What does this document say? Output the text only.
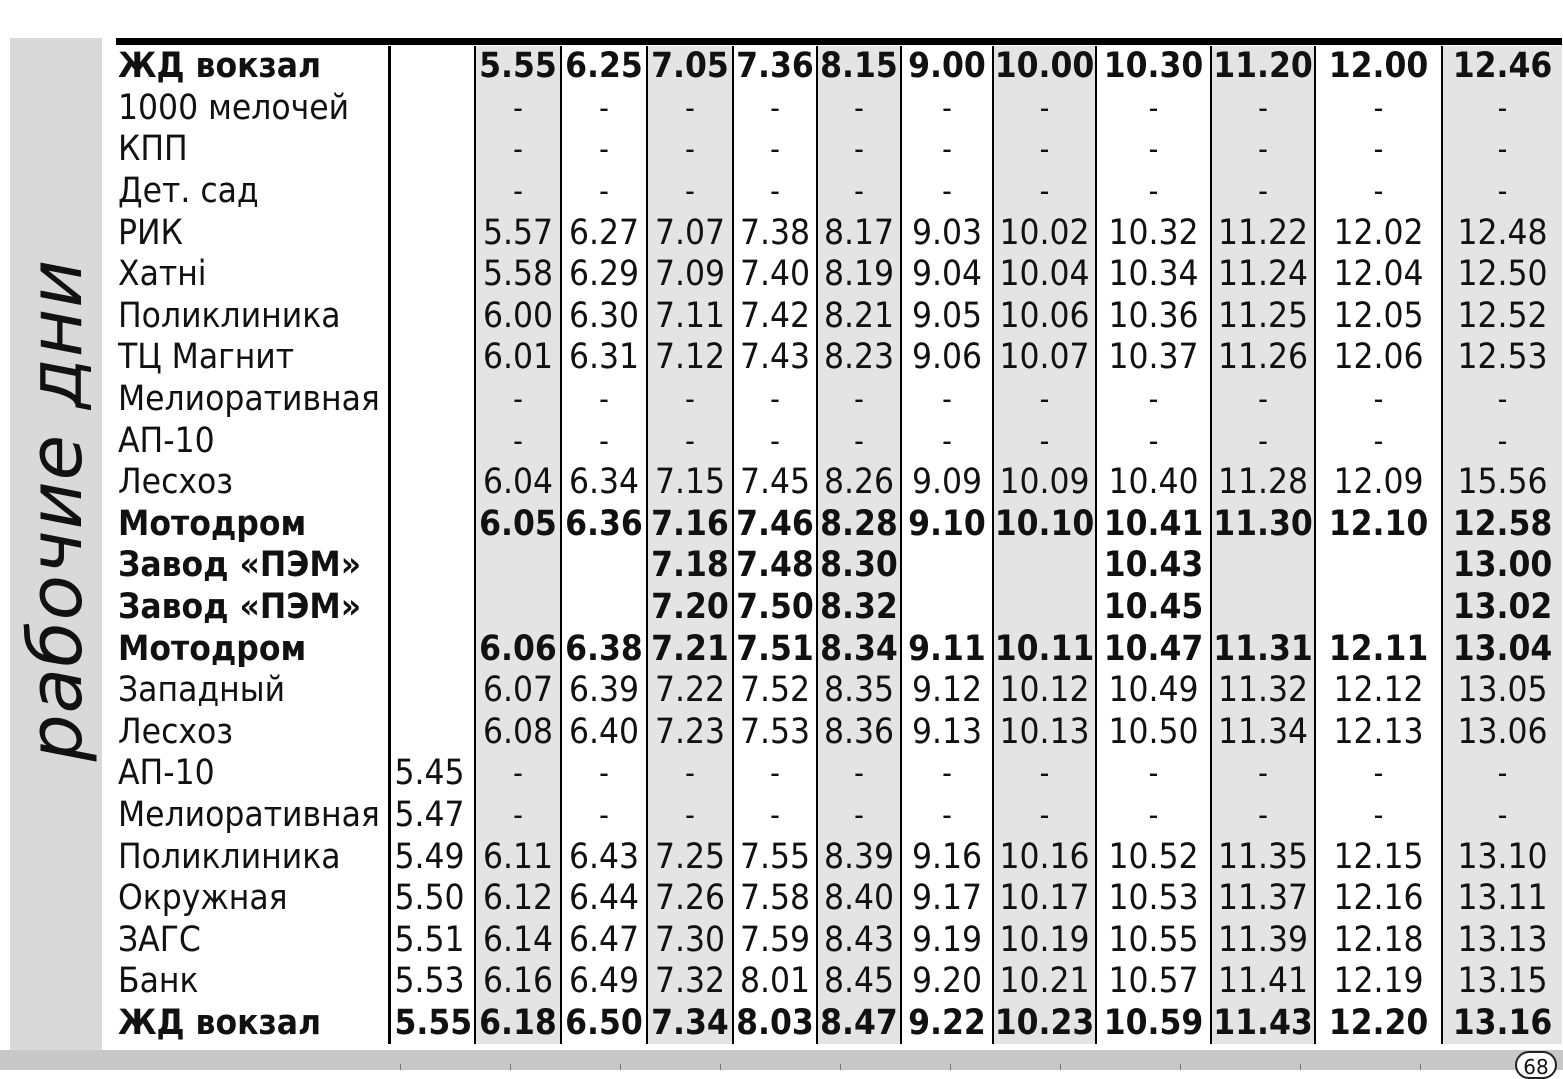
рабочие дни
ЖД вокзал		5.55	6.25	7.05	7.36	8.15	9.00	10.00	10.30	11.20	12.00	12.46
1000 мелочей		-	-	-	-	-	-	-	-	-	-	-
КПП		-	-	-	-	-	-	-	-	-	-	-
Дет. сад		-	-	-	-	-	-	-	-	-	-	-
РИК		5.57	6.27	7.07	7.38	8.17	9.03	10.02	10.32	11.22	12.02	12.48
Хатні		5.58	6.29	7.09	7.40	8.19	9.04	10.04	10.34	11.24	12.04	12.50
Поликлиника		6.00	6.30	7.11	7.42	8.21	9.05	10.06	10.36	11.25	12.05	12.52
ТЦ Магнит		6.01	6.31	7.12	7.43	8.23	9.06	10.07	10.37	11.26	12.06	12.53
Мелиоративная		-	-	-	-	-	-	-	-	-	-	-
АП-10		-	-	-	-	-	-	-	-	-	-	-
Лесхоз		6.04	6.34	7.15	7.45	8.26	9.09	10.09	10.40	11.28	12.09	15.56
Мотодром		6.05	6.36	7.16	7.46	8.28	9.10	10.10	10.41	11.30	12.10	12.58
Завод «ПЭМ»				7.18	7.48	8.30			10.43			13.00
Завод «ПЭМ»				7.20	7.50	8.32			10.45			13.02
Мотодром		6.06	6.38	7.21	7.51	8.34	9.11	10.11	10.47	11.31	12.11	13.04
Западный		6.07	6.39	7.22	7.52	8.35	9.12	10.12	10.49	11.32	12.12	13.05
Лесхоз		6.08	6.40	7.23	7.53	8.36	9.13	10.13	10.50	11.34	12.13	13.06
АП-10	5.45	-	-	-	-	-	-	-	-	-	-	-
Мелиоративная	5.47	-	-	-	-	-	-	-	-	-	-	-
Поликлиника	5.49	6.11	6.43	7.25	7.55	8.39	9.16	10.16	10.52	11.35	12.15	13.10
Окружная	5.50	6.12	6.44	7.26	7.58	8.40	9.17	10.17	10.53	11.37	12.16	13.11
ЗАГС	5.51	6.14	6.47	7.30	7.59	8.43	9.19	10.19	10.55	11.39	12.18	13.13
Банк	5.53	6.16	6.49	7.32	8.01	8.45	9.20	10.21	10.57	11.41	12.19	13.15
ЖД вокзал	5.55	6.18	6.50	7.34	8.03	8.47	9.22	10.23	10.59	11.43	12.20	13.16
68
